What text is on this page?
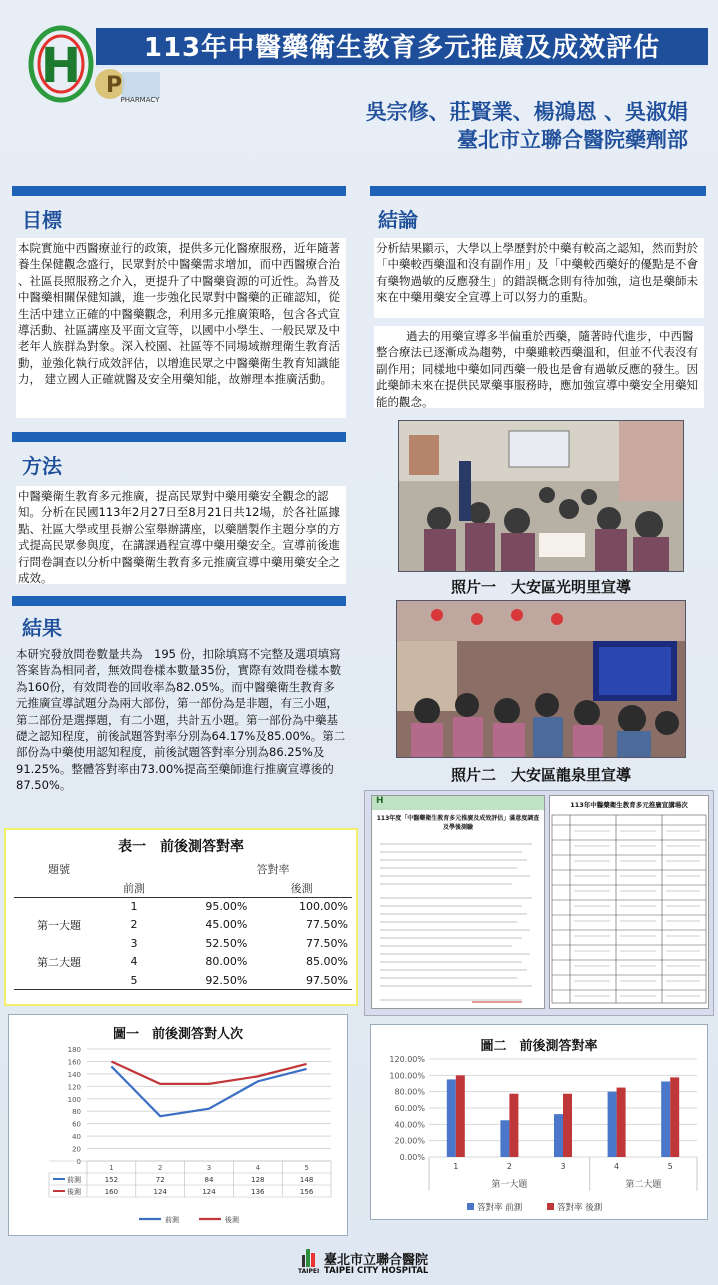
H P
PHARMACY
113年中醫藥衛生教育多元推廣及成效評估
吳宗修、莊賢業、楊鴻恩 、吳淑娟
臺北市立聯合醫院藥劑部
目標
本院實施中西醫療並行的政策，提供多元化醫療服務，近年隨著養生保健觀念盛行，民眾對於中醫藥需求增加，而中西醫療合治 、社區長照服務之介入，更提升了中醫藥資源的可近性。為普及中醫藥相關保健知識，進一步強化民眾對中醫藥的正確認知，從生活中建立正確的中醫藥觀念，利用多元推廣策略，包含各式宣導活動、社區講座及平面文宣等，以國中小學生、一般民眾及中老年人族群為對象。深入校園、社區等不同場域辦理衛生教育活動，並強化執行成效評估，以增進民眾之中醫藥衛生教育知識能力， 建立國人正確就醫及安全用藥知能，故辦理本推廣活動。
方法
中醫藥衛生教育多元推廣，提高民眾對中藥用藥安全觀念的認知。分析在民國113年2月27日至8月21日共12場，於各社區據點、社區大學或里長辦公室舉辦講座，以藥膳製作主題分享的方式提高民眾參與度，在講課過程宣導中藥用藥安全。宣導前後進行問卷調查以分析中醫藥衛生教育多元推廣宣導中藥用藥安全之成效。
結果
本研究發放問卷數量共為　195 份，扣除填寫不完整及選項填寫答案皆為相同者，無效問卷樣本數量35份，實際有效問卷樣本數為160份，有效問卷的回收率為82.05%。而中醫藥衛生教育多元推廣宣導試題分為兩大部份，第一部份為是非題，有三小題，第二部份是選擇題，有二小題，共計五小題。第一部份為中藥基礎之認知程度，前後試題答對率分別為64.17%及85.00%。第二部份為中藥使用認知程度，前後試題答對率分別為86.25%及91.25%。整體答對率由73.00%提高至藥師進行推廣宣導後的87.50%。
結論
分析結果顯示，大學以上學歷對於中藥有較高之認知，然而對於「中藥較西藥溫和沒有副作用」及「中藥較西藥好的優點是不會有藥物過敏的反應發生」的錯誤概念則有待加強，這也是藥師未來在中藥用藥安全宣導上可以努力的重點。
過去的用藥宣導多半偏重於西藥，隨著時代進步，中西醫整合療法已逐漸成為趨勢，中藥雖較西藥溫和，但並不代表沒有副作用；同樣地中藥如同西藥一般也是會有過敏反應的發生。因此藥師未來在提供民眾藥事服務時，應加強宣導中藥安全用藥知能的觀念。
照片一　大安區光明里宣導
照片二　大安區龍泉里宣導
H
113年度「中醫藥衛生教育多元推廣及成效評估」滿意度調查及學後測驗
113年中醫藥衛生教育多元推廣宣講場次
表一　前後測答對率
題號		答對率	
	前測		後測
	1	95.00%	100.00%
第一大題	2	45.00%	77.50%
	3	52.50%	77.50%
第二大題	4	80.00%	85.00%
	5	92.50%	97.50%
圖一　前後測答對人次
0
20
40
60
80
100
120
140
160
180
1	2	3	4	5
前測	152	72	84	128	148
後測	160	124	124	136	156
前測	後測
圖二　前後測答對率
0.00%
20.00%
40.00%
60.00%
80.00%
100.00%
120.00%
1	2	3	4	5
第一大題	第二大題
答對率 前測	答對率 後測
TAIPEI
臺北市立聯合醫院
TAIPEI CITY HOSPITAL
